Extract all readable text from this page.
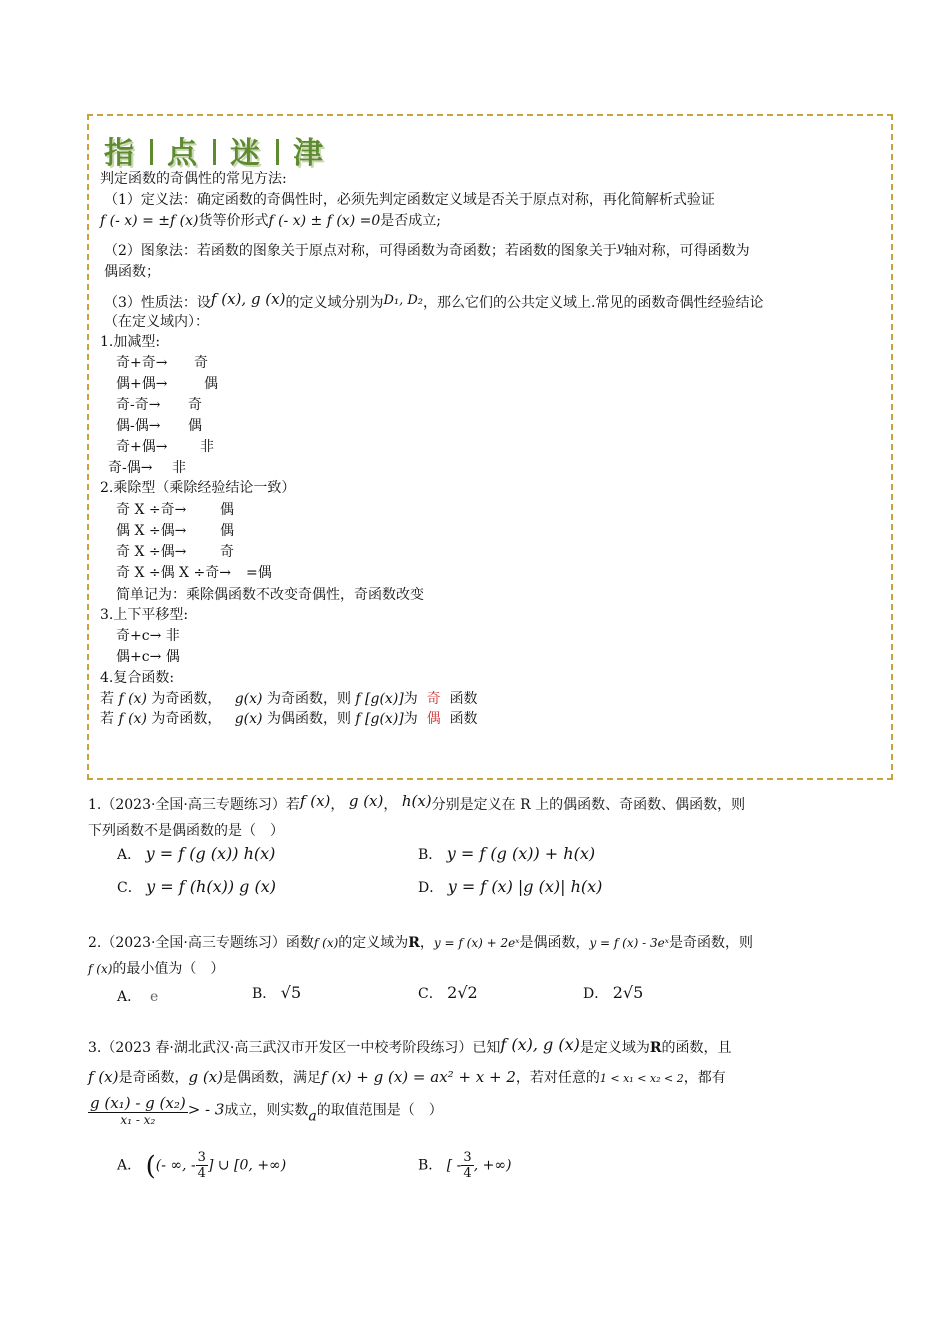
指 点 迷 津
判定函数的奇偶性的常见方法:
（1）定义法：确定函数的奇偶性时，必须先判定函数定义域是否关于原点对称，再化简解析式验证
f (- x) = ±f (x)货等价形式f (- x) ± f (x) =0是否成立;
（2）图象法：若函数的图象关于原点对称，可得函数为奇函数；若函数的图象关于y轴对称，可得函数为
偶函数；
（3）性质法：设f (x), g (x)的定义域分别为D₁, D₂，那么它们的公共定义域上.常见的函数奇偶性经验结论
（在定义域内）：
1.加减型:
奇+奇→ 奇
偶+偶→	偶
奇-奇→ 奇
偶-偶→ 偶
奇+偶→ 非
奇-偶→ 非
2.乘除型（乘除经验结论一致）
奇 X ÷奇→ 偶
偶 X ÷偶→ 偶
奇 X ÷偶→ 奇
奇 X ÷偶 X ÷奇→ =偶
简单记为：乘除偶函数不改变奇偶性，奇函数改变
3.上下平移型:
奇+c→ 非
偶+c→ 偶
4.复合函数:
若 f (x) 为奇函数， g(x) 为奇函数，则 f [g(x)]为 奇 函数
若 f (x) 为奇函数， g(x) 为偶函数，则 f [g(x)]为 偶 函数
1.（2023·全国·高三专题练习）若f (x)， g (x)， h(x)分别是定义在 R 上的偶函数、奇函数、偶函数，则
下列函数不是偶函数的是（　）
A． y = f (g (x)) h(x)	B． y = f (g (x)) + h(x)
C． y = f (h(x)) g (x)	D． y = f (x) |g (x)| h(x)
2.（2023·全国·高三专题练习）函数f (x)的定义域为R，y = f (x) + 2eˣ是偶函数，y = f (x) - 3eˣ是奇函数，则
f (x)的最小值为（　）
A． e	B． √5	C． 2√2	D． 2√5
3.（2023 春·湖北武汉·高三武汉市开发区一中校考阶段练习）已知f (x), g (x)是定义域为R的函数，且
f (x)是奇函数，g (x)是偶函数，满足f (x) + g (x) = ax² + x + 2，若对任意的1 < x₁ < x₂ < 2，都有
$\frac{\text{g (x₁) - g (x₂)}}{\text{x₁ - x₂}}$ > - 3成立，则实数a的取值范围是（　）
A． ((- ∞, - $\frac{3}{4}$ ] ∪ [0, +∞)	B． [ - $\frac{3}{4}$ , +∞)
